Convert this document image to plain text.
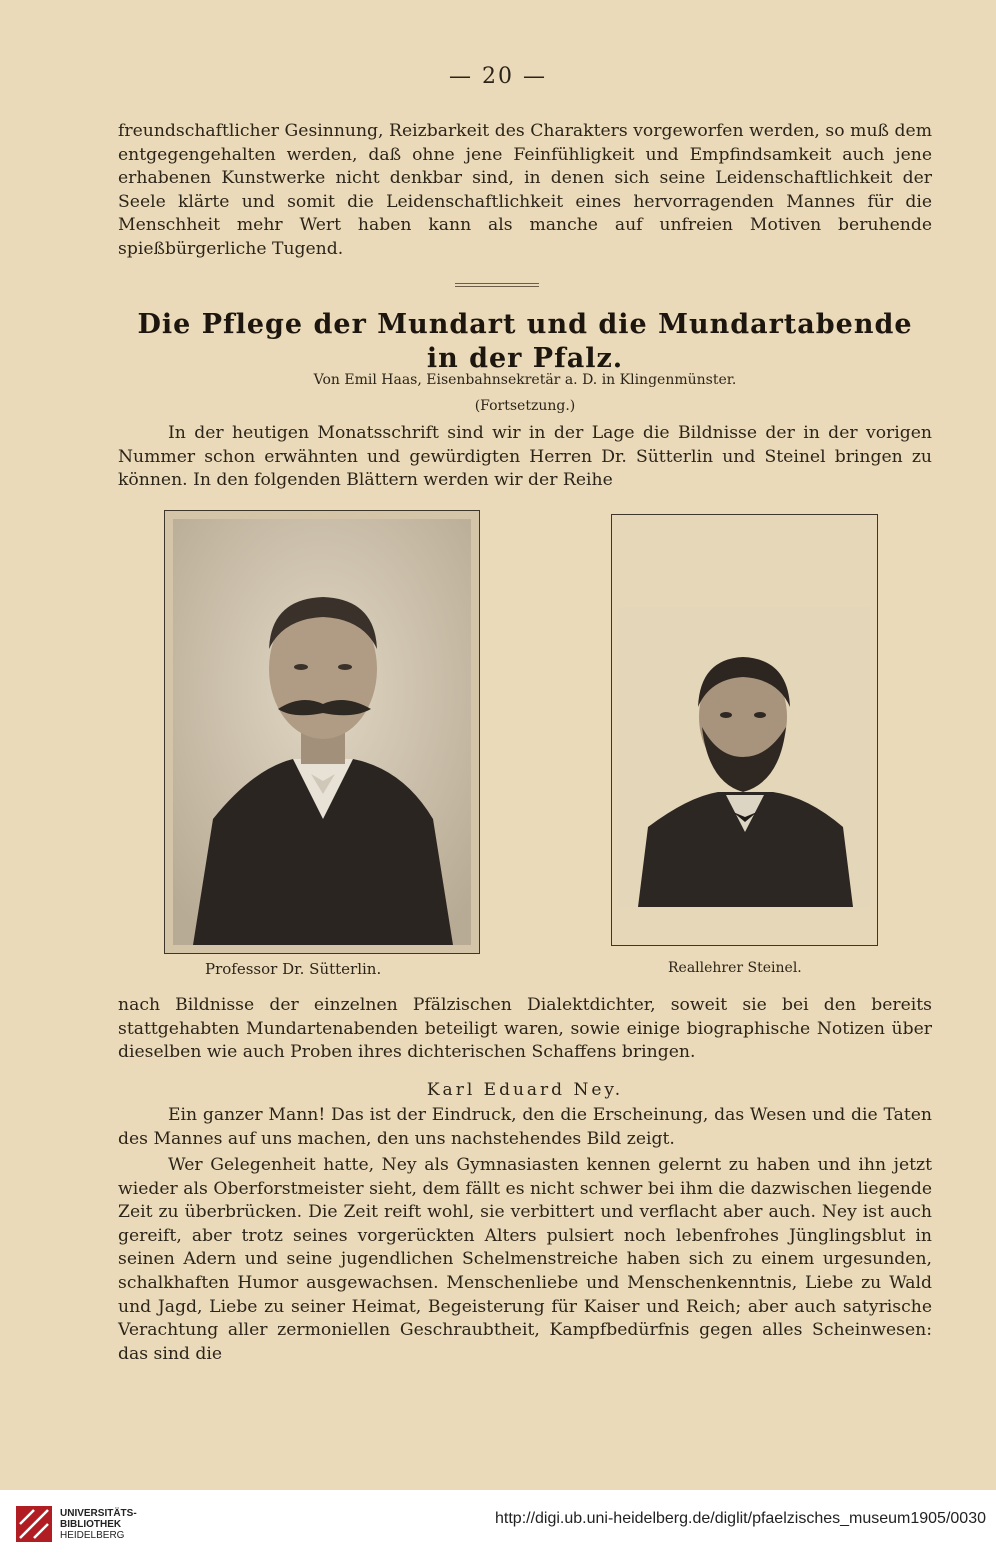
— 20 —

freundschaftlicher Gesinnung, Reizbarkeit des Charakters vorgeworfen werden, so muß dem entgegengehalten werden, daß ohne jene Feinfühligkeit und Empfindsamkeit auch jene erhabenen Kunstwerke nicht denkbar sind, in denen sich seine Leidenschaftlichkeit der Seele klärte und somit die Leidenschaftlichkeit eines hervorragenden Mannes für die Menschheit mehr Wert haben kann als manche auf unfreien Motiven beruhende spießbürgerliche Tugend.

Die Pflege der Mundart und die Mundartabende
in der Pfalz.
Von Emil Haas, Eisenbahnsekretär a. D. in Klingenmünster.
(Fortsetzung.)

In der heutigen Monatsschrift sind wir in der Lage die Bildnisse der in der vorigen Nummer schon erwähnten und gewürdigten Herren Dr. Sütterlin und Steinel bringen zu können. In den folgenden Blättern werden wir der Reihe

Professor Dr. Sütterlin.	Reallehrer Steinel.

nach Bildnisse der einzelnen Pfälzischen Dialektdichter, soweit sie bei den bereits stattgehabten Mundartenabenden beteiligt waren, sowie einige biographische Notizen über dieselben wie auch Proben ihres dichterischen Schaffens bringen.

Karl Eduard Ney.

Ein ganzer Mann! Das ist der Eindruck, den die Erscheinung, das Wesen und die Taten des Mannes auf uns machen, den uns nachstehendes Bild zeigt.

Wer Gelegenheit hatte, Ney als Gymnasiasten kennen gelernt zu haben und ihn jetzt wieder als Oberforstmeister sieht, dem fällt es nicht schwer bei ihm die dazwischen liegende Zeit zu überbrücken. Die Zeit reift wohl, sie verbittert und verflacht aber auch. Ney ist auch gereift, aber trotz seines vorgerückten Alters pulsiert noch lebenfrohes Jünglingsblut in seinen Adern und seine jugendlichen Schelmenstreiche haben sich zu einem urgesunden, schalkhaften Humor ausgewachsen. Menschenliebe und Menschenkenntnis, Liebe zu Wald und Jagd, Liebe zu seiner Heimat, Begeisterung für Kaiser und Reich; aber auch satyrische Verachtung aller zermoniellen Geschraubtheit, Kampfbedürfnis gegen alles Scheinwesen: das sind die

UNIVERSITÄTS-
BIBLIOTHEK
HEIDELBERG
http://digi.ub.uni-heidelberg.de/diglit/pfaelzisches_museum1905/0030
